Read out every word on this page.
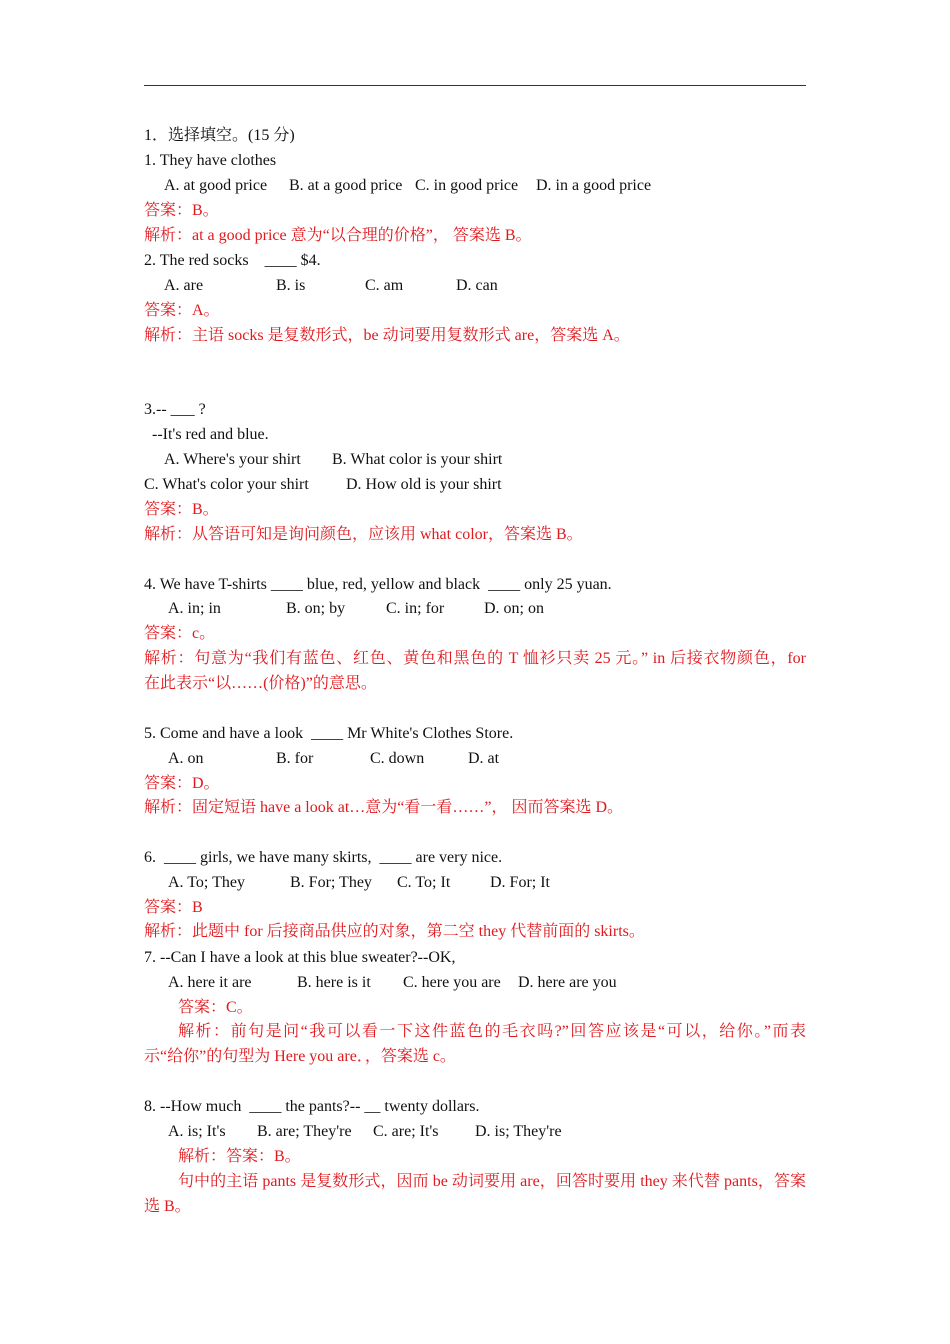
1．选择填空。(15 分)
1. They have clothes
A. at good price B. at a good price C. in good price D. in a good price
答案：B。
解析：at a good price 意为“以合理的价格”， 答案选 B。
2. The red socks    ____ $4.
A. are	B. is	C. am	D. can
答案：A。
解析：主语 socks 是复数形式，be 动词要用复数形式 are，答案选 A。
3.-- ___ ?
--It's red and blue.
A. Where's your shirt B. What color is your shirt
C. What's color your shirt D. How old is your shirt
答案：B。
解析：从答语可知是询问颜色，应该用 what color，答案选 B。
4. We have T-shirts ____ blue, red, yellow and black  ____ only 25 yuan.
A. in; in	B. on; by	C. in; for D. on; on
答案：c。
解析：句意为“我们有蓝色、红色、黄色和黑色的 T 恤衫只卖 25 元。” in 后接衣物颜色，for
在此表示“以……(价格)”的意思。
5. Come and have a look  ____ Mr White's Clothes Store.
A. on	B. for	C. down	D. at
答案：D。
解析：固定短语 have a look at…意为“看一看……”， 因而答案选 D。
6.  ____ girls, we have many skirts,  ____ are very nice.
A. To; They	B. For; They C. To; It D. For; It
答案：B
解析：此题中 for 后接商品供应的对象，第二空 they 代替前面的 skirts。
7. --Can I have a look at this blue sweater?--OK,
A. here it are	B. here is it C. here you are D. here are you
答案：C。
解析：前句是问“我可以看一下这件蓝色的毛衣吗?”回答应该是“可以，给你。”而表
示“给你”的句型为 Here you are．，答案选 c。
8. --How much  ____ the pants?-- __ twenty dollars.
A. is; It's B. are; They're C. are; It's D. is; They're
解析：答案：B。
句中的主语 pants 是复数形式，因而 be 动词要用 are，回答时要用 they 来代替 pants，答案
选 B。
